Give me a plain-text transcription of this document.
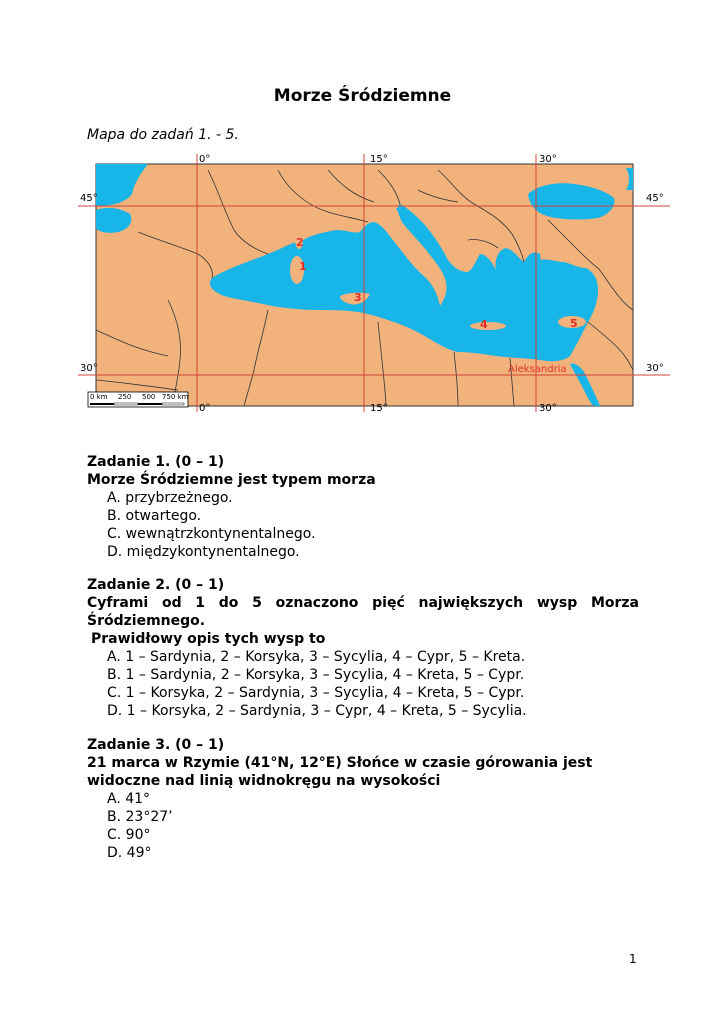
Morze Śródziemne
Mapa do zadań 1. - 5.
0°	15°	30°
0°	15°	30°
45°	45°
30°	30°
2
1
3
4	5
Aleksandria
0 km 250 500 750 km
Zadanie 1. (0 – 1)
Morze Śródziemne jest typem morza
A. przybrzeżnego.
B. otwartego.
C. wewnątrzkontynentalnego.
D. międzykontynentalnego.
Zadanie 2. (0 – 1)
Cyframi od 1 do 5 oznaczono pięć największych wysp Morza Śródziemnego.
Prawidłowy opis tych wysp to
A. 1 – Sardynia, 2 – Korsyka, 3 – Sycylia, 4 – Cypr, 5 – Kreta.
B. 1 – Sardynia, 2 – Korsyka, 3 – Sycylia, 4 – Kreta, 5 – Cypr.
C. 1 – Korsyka, 2 – Sardynia, 3 – Sycylia, 4 – Kreta, 5 – Cypr.
D. 1 – Korsyka, 2 – Sardynia, 3 – Cypr, 4 – Kreta, 5 – Sycylia.
Zadanie 3. (0 – 1)
21 marca w Rzymie (41°N, 12°E) Słońce w czasie górowania jest widoczne nad linią widnokręgu na wysokości
A. 41°
B. 23°27’
C. 90°
D. 49°
1
